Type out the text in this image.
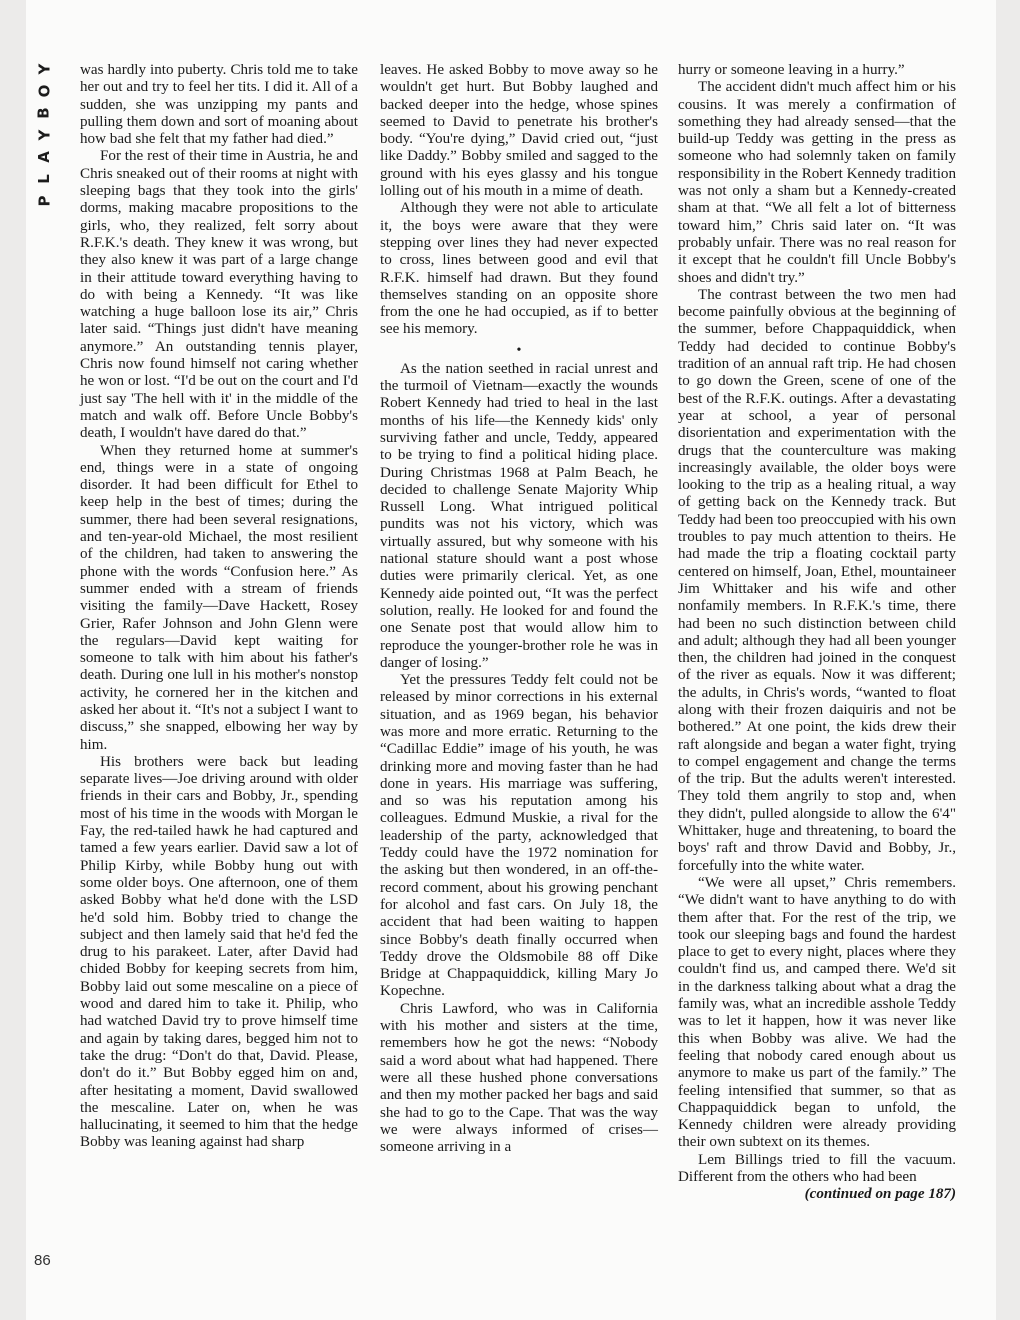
Y
O
B
Y
A
L
P

was hardly into puberty. Chris told me to take her out and try to feel her tits. I did it. All of a sudden, she was unzipping my pants and pulling them down and sort of moaning about how bad she felt that my father had died.”

For the rest of their time in Austria, he and Chris sneaked out of their rooms at night with sleeping bags that they took into the girls' dorms, making macabre propositions to the girls, who, they realized, felt sorry about R.F.K.'s death. They knew it was wrong, but they also knew it was part of a large change in their attitude toward everything having to do with being a Kennedy. “It was like watching a huge balloon lose its air,” Chris later said. “Things just didn't have meaning anymore.” An outstanding tennis player, Chris now found himself not caring whether he won or lost. “I'd be out on the court and I'd just say 'The hell with it' in the middle of the match and walk off. Before Uncle Bobby's death, I wouldn't have dared do that.”

When they returned home at summer's end, things were in a state of ongoing disorder. It had been difficult for Ethel to keep help in the best of times; during the summer, there had been several resignations, and ten-year-old Michael, the most resilient of the children, had taken to answering the phone with the words “Confusion here.” As summer ended with a stream of friends visiting the family—Dave Hackett, Rosey Grier, Rafer Johnson and John Glenn were the regulars—David kept waiting for someone to talk with him about his father's death. During one lull in his mother's nonstop activity, he cornered her in the kitchen and asked her about it. “It's not a subject I want to discuss,” she snapped, elbowing her way by him.

His brothers were back but leading separate lives—Joe driving around with older friends in their cars and Bobby, Jr., spending most of his time in the woods with Morgan le Fay, the red-tailed hawk he had captured and tamed a few years earlier. David saw a lot of Philip Kirby, while Bobby hung out with some older boys. One afternoon, one of them asked Bobby what he'd done with the LSD he'd sold him. Bobby tried to change the subject and then lamely said that he'd fed the drug to his parakeet. Later, after David had chided Bobby for keeping secrets from him, Bobby laid out some mescaline on a piece of wood and dared him to take it. Philip, who had watched David try to prove himself time and again by taking dares, begged him not to take the drug: “Don't do that, David. Please, don't do it.” But Bobby egged him on and, after hesitating a moment, David swallowed the mescaline. Later on, when he was hallucinating, it seemed to him that the hedge Bobby was leaning against had sharp

leaves. He asked Bobby to move away so he wouldn't get hurt. But Bobby laughed and backed deeper into the hedge, whose spines seemed to David to penetrate his brother's body. “You're dying,” David cried out, “just like Daddy.” Bobby smiled and sagged to the ground with his eyes glassy and his tongue lolling out of his mouth in a mime of death.

Although they were not able to articulate it, the boys were aware that they were stepping over lines they had never expected to cross, lines between good and evil that R.F.K. himself had drawn. But they found themselves standing on an opposite shore from the one he had occupied, as if to better see his memory.

•

As the nation seethed in racial unrest and the turmoil of Vietnam—exactly the wounds Robert Kennedy had tried to heal in the last months of his life—the Kennedy kids' only surviving father and uncle, Teddy, appeared to be trying to find a political hiding place. During Christmas 1968 at Palm Beach, he decided to challenge Senate Majority Whip Russell Long. What intrigued political pundits was not his victory, which was virtually assured, but why someone with his national stature should want a post whose duties were primarily clerical. Yet, as one Kennedy aide pointed out, “It was the perfect solution, really. He looked for and found the one Senate post that would allow him to reproduce the younger-brother role he was in danger of losing.”

Yet the pressures Teddy felt could not be released by minor corrections in his external situation, and as 1969 began, his behavior was more and more erratic. Returning to the “Cadillac Eddie” image of his youth, he was drinking more and moving faster than he had done in years. His marriage was suffering, and so was his reputation among his colleagues. Edmund Muskie, a rival for the leadership of the party, acknowledged that Teddy could have the 1972 nomination for the asking but then wondered, in an off-the-record comment, about his growing penchant for alcohol and fast cars. On July 18, the accident that had been waiting to happen since Bobby's death finally occurred when Teddy drove the Oldsmobile 88 off Dike Bridge at Chappaquiddick, killing Mary Jo Kopechne.

Chris Lawford, who was in California with his mother and sisters at the time, remembers how he got the news: “Nobody said a word about what had happened. There were all these hushed phone conversations and then my mother packed her bags and said she had to go to the Cape. That was the way we were always informed of crises—someone arriving in a

hurry or someone leaving in a hurry.”

The accident didn't much affect him or his cousins. It was merely a confirmation of something they had already sensed—that the build-up Teddy was getting in the press as someone who had solemnly taken on family responsibility in the Robert Kennedy tradition was not only a sham but a Kennedy-created sham at that. “We all felt a lot of bitterness toward him,” Chris said later on. “It was probably unfair. There was no real reason for it except that he couldn't fill Uncle Bobby's shoes and didn't try.”

The contrast between the two men had become painfully obvious at the beginning of the summer, before Chappaquiddick, when Teddy had decided to continue Bobby's tradition of an annual raft trip. He had chosen to go down the Green, scene of one of the best of the R.F.K. outings. After a devastating year at school, a year of personal disorientation and experimentation with the drugs that the counterculture was making increasingly available, the older boys were looking to the trip as a healing ritual, a way of getting back on the Kennedy track. But Teddy had been too preoccupied with his own troubles to pay much attention to theirs. He had made the trip a floating cocktail party centered on himself, Joan, Ethel, mountaineer Jim Whittaker and his wife and other nonfamily members. In R.F.K.'s time, there had been no such distinction between child and adult; although they had all been younger then, the children had joined in the conquest of the river as equals. Now it was different; the adults, in Chris's words, “wanted to float along with their frozen daiquiris and not be bothered.” At one point, the kids drew their raft alongside and began a water fight, trying to compel engagement and change the terms of the trip. But the adults weren't interested. They told them angrily to stop and, when they didn't, pulled alongside to allow the 6'4" Whittaker, huge and threatening, to board the boys' raft and throw David and Bobby, Jr., forcefully into the white water.

“We were all upset,” Chris remembers. “We didn't want to have anything to do with them after that. For the rest of the trip, we took our sleeping bags and found the hardest place to get to every night, places where they couldn't find us, and camped there. We'd sit in the darkness talking about what a drag the family was, what an incredible asshole Teddy was to let it happen, how it was never like this when Bobby was alive. We had the feeling that nobody cared enough about us anymore to make us part of the family.” The feeling intensified that summer, so that as Chappaquiddick began to unfold, the Kennedy children were already providing their own subtext on its themes.

Lem Billings tried to fill the vacuum. Different from the others who had been

(continued on page 187)

86
